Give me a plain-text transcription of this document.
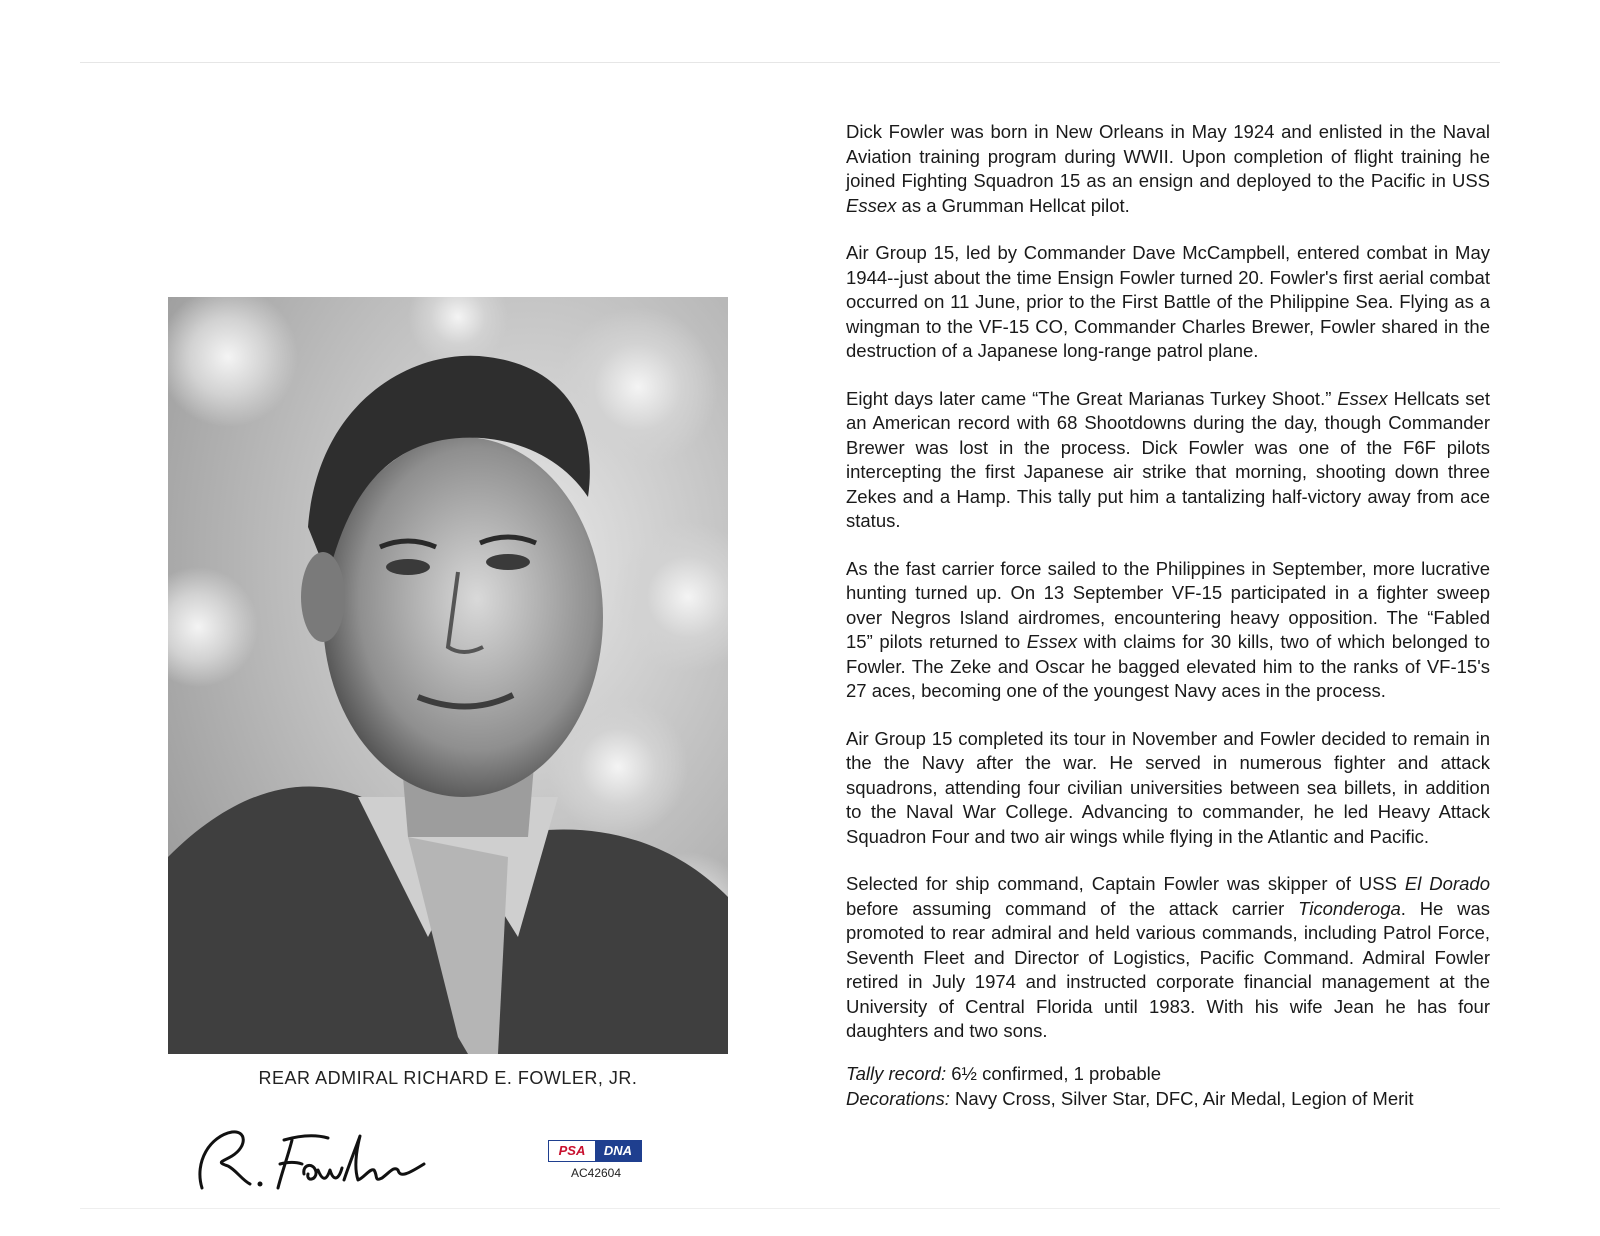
REAR ADMIRAL RICHARD E. FOWLER, JR.
PSA	DNA
AC42604

Dick Fowler was born in New Orleans in May 1924 and enlisted in the Naval Aviation training program during WWII. Upon completion of flight training he joined Fighting Squadron 15 as an ensign and deployed to the Pacific in USS Essex as a Grumman Hellcat pilot.

Air Group 15, led by Commander Dave McCampbell, entered combat in May 1944--just about the time Ensign Fowler turned 20. Fowler's first aerial combat occurred on 11 June, prior to the First Battle of the Philippine Sea. Flying as a wingman to the VF-15 CO, Commander Charles Brewer, Fowler shared in the destruction of a Japanese long-range patrol plane.

Eight days later came “The Great Marianas Turkey Shoot.” Essex Hellcats set an American record with 68 Shootdowns during the day, though Commander Brewer was lost in the process. Dick Fowler was one of the F6F pilots intercepting the first Japanese air strike that morning, shooting down three Zekes and a Hamp. This tally put him a tantalizing half-victory away from ace status.

As the fast carrier force sailed to the Philippines in September, more lucrative hunting turned up. On 13 September VF-15 participated in a fighter sweep over Negros Island airdromes, encountering heavy opposition. The “Fabled 15” pilots returned to Essex with claims for 30 kills, two of which belonged to Fowler. The Zeke and Oscar he bagged elevated him to the ranks of VF-15's 27 aces, becoming one of the youngest Navy aces in the process.

Air Group 15 completed its tour in November and Fowler decided to remain in the the Navy after the war. He served in numerous fighter and attack squadrons, attending four civilian universities between sea billets, in addition to the Naval War College. Advancing to commander, he led Heavy Attack Squadron Four and two air wings while flying in the Atlantic and Pacific.

Selected for ship command, Captain Fowler was skipper of USS El Dorado before assuming command of the attack carrier Ticonderoga. He was promoted to rear admiral and held various commands, including Patrol Force, Seventh Fleet and Director of Logistics, Pacific Command. Admiral Fowler retired in July 1974 and instructed corporate financial management at the University of Central Florida until 1983. With his wife Jean he has four daughters and two sons.

Tally record: 6½ confirmed, 1 probable
Decorations: Navy Cross, Silver Star, DFC, Air Medal, Legion of Merit
